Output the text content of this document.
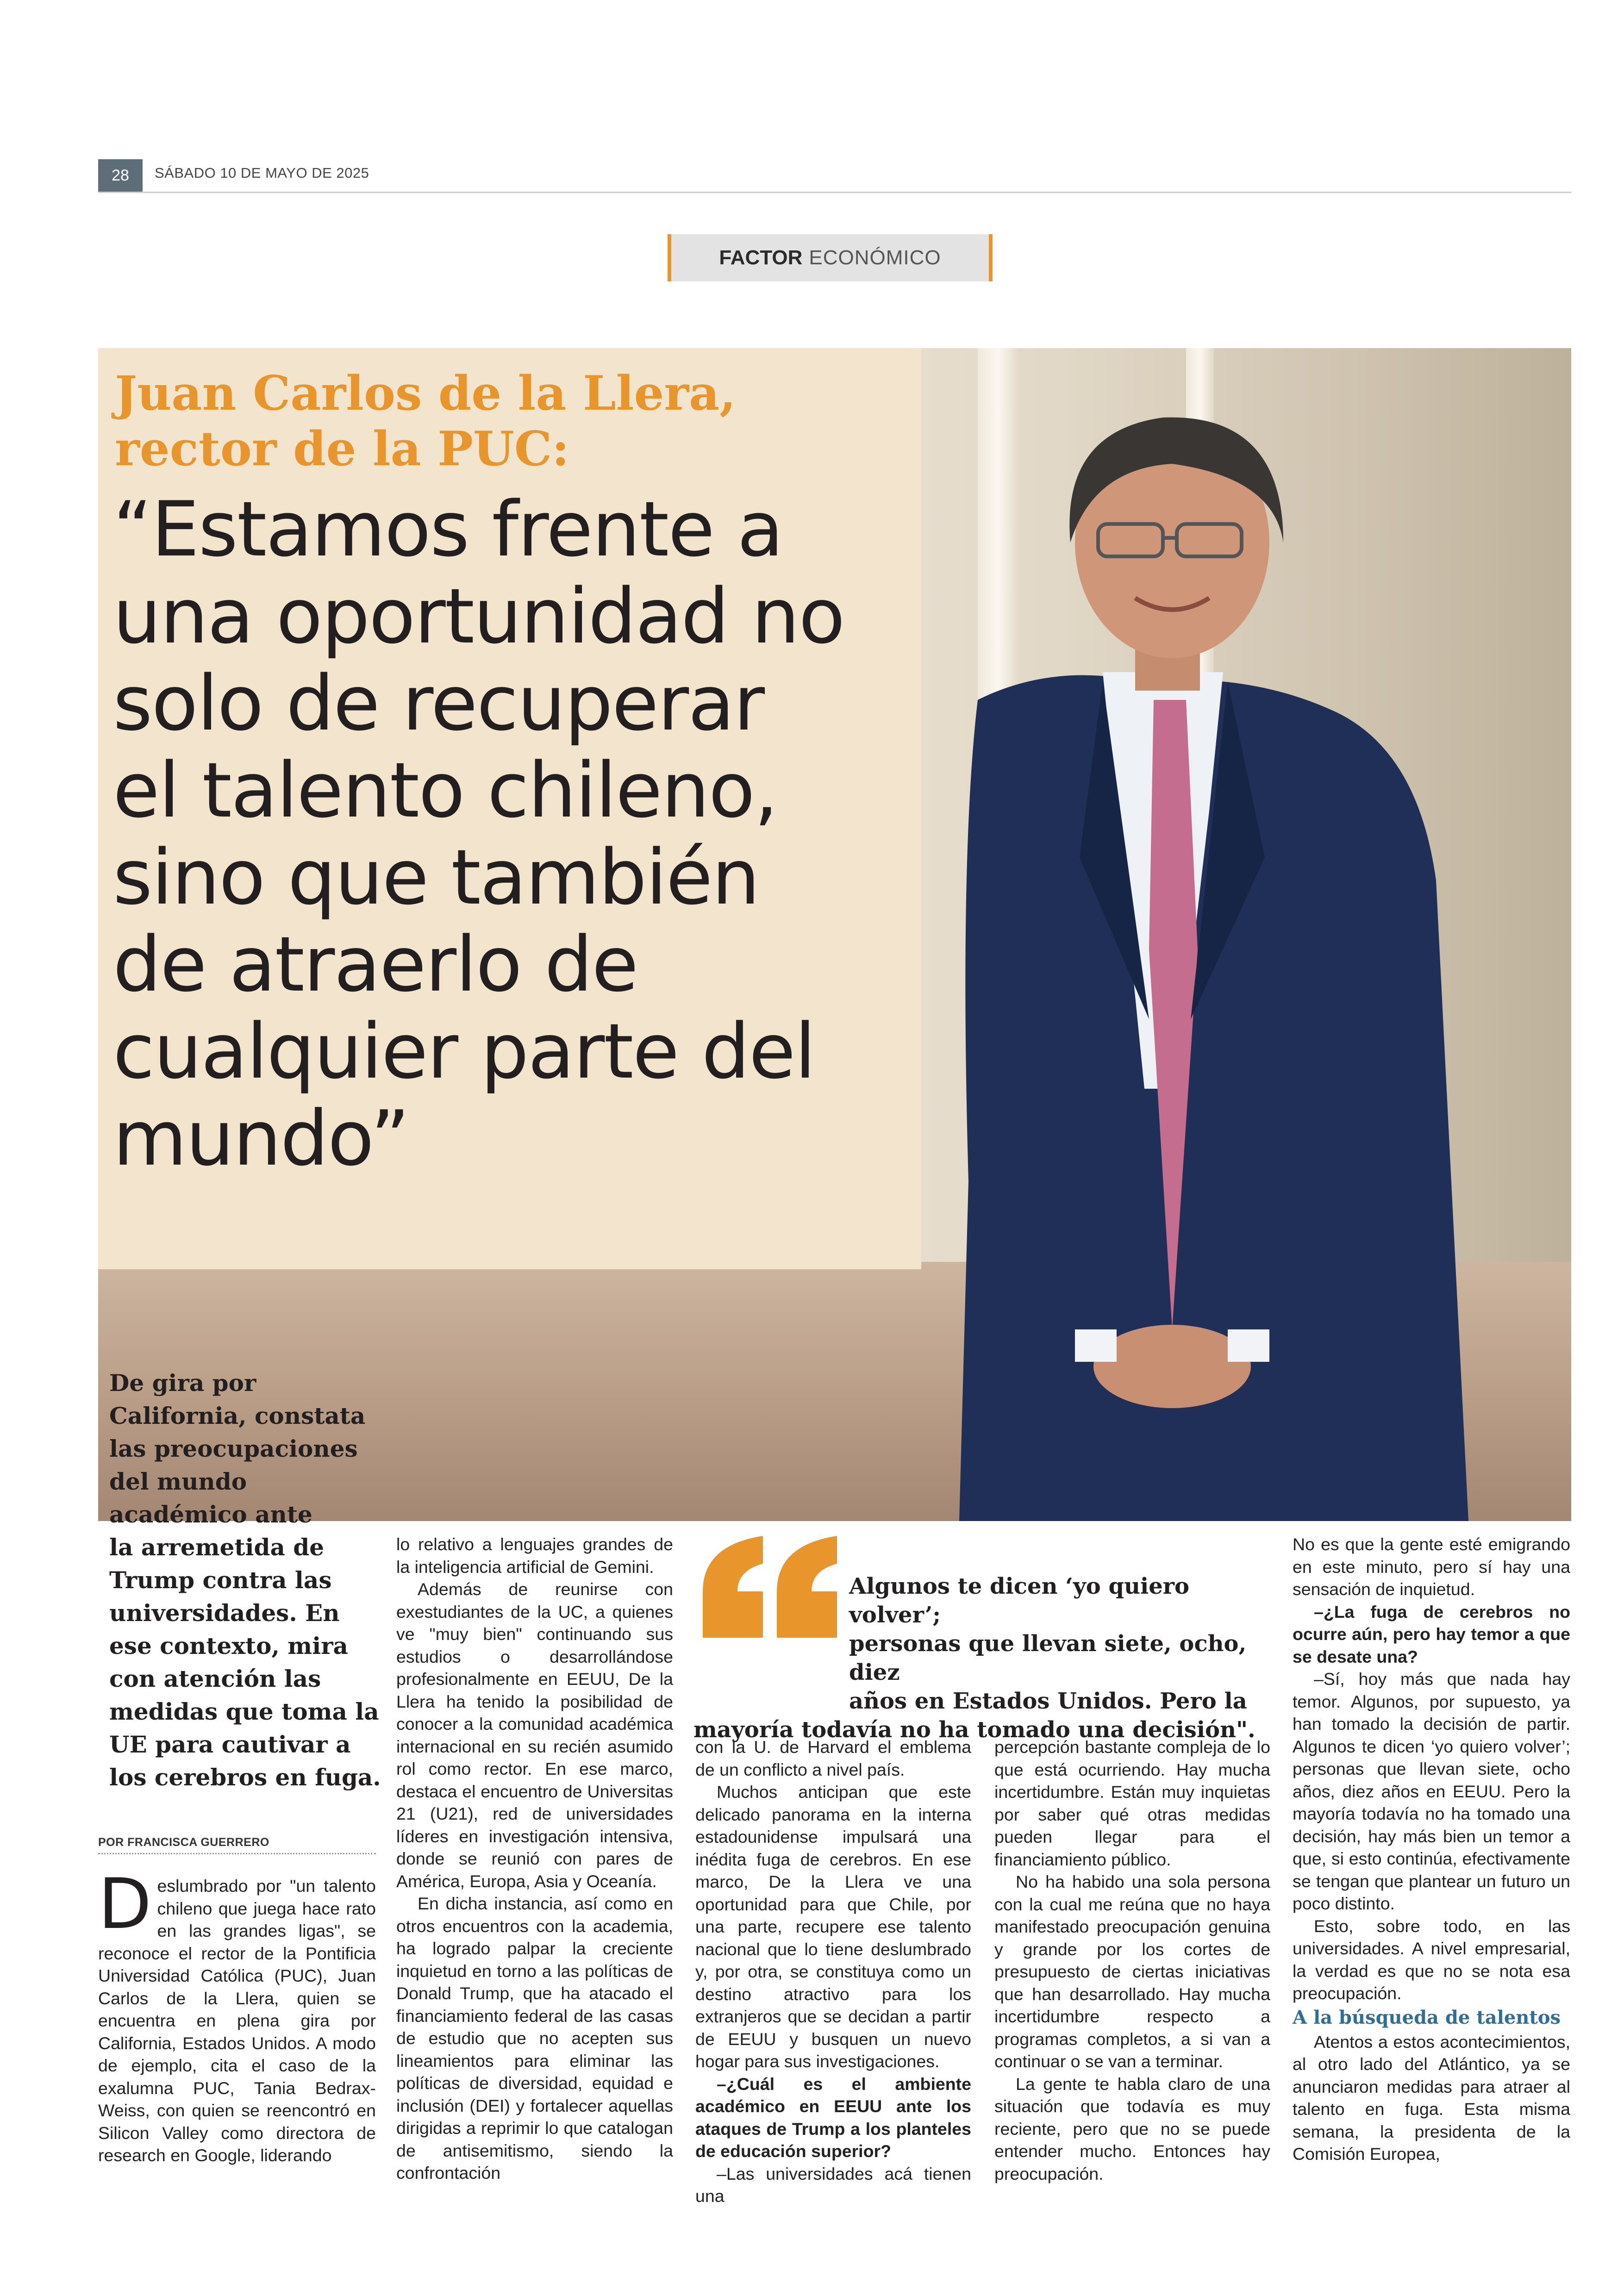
28	SÁBADO 10 DE MAYO DE 2025
FACTOR ECONÓMICO
Juan Carlos de la Llera,
rector de la PUC:
“Estamos frente a
una oportunidad no
solo de recuperar
el talento chileno,
sino que también
de atraerlo de
cualquier parte del
mundo”
De gira por
California, constata
las preocupaciones
del mundo
académico ante
la arremetida de
Trump contra las
universidades. En
ese contexto, mira
con atención las
medidas que toma la
UE para cautivar a
los cerebros en fuga.
POR FRANCISCA GUERRERO

Deslumbrado por "un talento chileno que juega hace rato en las grandes ligas", se reconoce el rector de la Pontificia Universidad Católica (PUC), Juan Carlos de la Llera, quien se encuentra en plena gira por California, Estados Unidos. A modo de ejemplo, cita el caso de la exalumna PUC, Tania Bedrax-Weiss, con quien se reencontró en Silicon Valley como directora de research en Google, liderando

lo relativo a lenguajes grandes de la inteligencia artificial de Gemini.

Además de reunirse con exestudiantes de la UC, a quienes ve "muy bien" continuando sus estudios o desarrollándose profesionalmente en EEUU, De la Llera ha tenido la posibilidad de conocer a la comunidad académica internacional en su recién asumido rol como rector. En ese marco, destaca el encuentro de Universitas 21 (U21), red de universidades líderes en investigación intensiva, donde se reunió con pares de América, Europa, Asia y Oceanía.

En dicha instancia, así como en otros encuentros con la academia, ha logrado palpar la creciente inquietud en torno a las políticas de Donald Trump, que ha atacado el financiamiento federal de las casas de estudio que no acepten sus lineamientos para eliminar las políticas de diversidad, equidad e inclusión (DEI) y fortalecer aquellas dirigidas a reprimir lo que catalogan de antisemitismo, siendo la confrontación

Algunos te dicen ‘yo quiero volver’;
personas que llevan siete, ocho, diez
años en Estados Unidos. Pero la
mayoría todavía no ha tomado una decisión".

con la U. de Harvard el emblema de un conflicto a nivel país.

Muchos anticipan que este delicado panorama en la interna estadounidense impulsará una inédita fuga de cerebros. En ese marco, De la Llera ve una oportunidad para que Chile, por una parte, recupere ese talento nacional que lo tiene deslumbrado y, por otra, se constituya como un destino atractivo para los extranjeros que se decidan a partir de EEUU y busquen un nuevo hogar para sus investigaciones.

–¿Cuál es el ambiente académico en EEUU ante los ataques de Trump a los planteles de educación superior?

–Las universidades acá tienen una

percepción bastante compleja de lo que está ocurriendo. Hay mucha incertidumbre. Están muy inquietas por saber qué otras medidas pueden llegar para el financiamiento público.

No ha habido una sola persona con la cual me reúna que no haya manifestado preocupación genuina y grande por los cortes de presupuesto de ciertas iniciativas que han desarrollado. Hay mucha incertidumbre respecto a programas completos, a si van a continuar o se van a terminar.

La gente te habla claro de una situación que todavía es muy reciente, pero que no se puede entender mucho. Entonces hay preocupación.

No es que la gente esté emigrando en este minuto, pero sí hay una sensación de inquietud.

–¿La fuga de cerebros no ocurre aún, pero hay temor a que se desate una?

–Sí, hoy más que nada hay temor. Algunos, por supuesto, ya han tomado la decisión de partir. Algunos te dicen ‘yo quiero volver’; personas que llevan siete, ocho años, diez años en EEUU. Pero la mayoría todavía no ha tomado una decisión, hay más bien un temor a que, si esto continúa, efectivamente se tengan que plantear un futuro un poco distinto.

Esto, sobre todo, en las universidades. A nivel empresarial, la verdad es que no se nota esa preocupación.

A la búsqueda de talentos

Atentos a estos acontecimientos, al otro lado del Atlántico, ya se anunciaron medidas para atraer al talento en fuga. Esta misma semana, la presidenta de la Comisión Europea,
